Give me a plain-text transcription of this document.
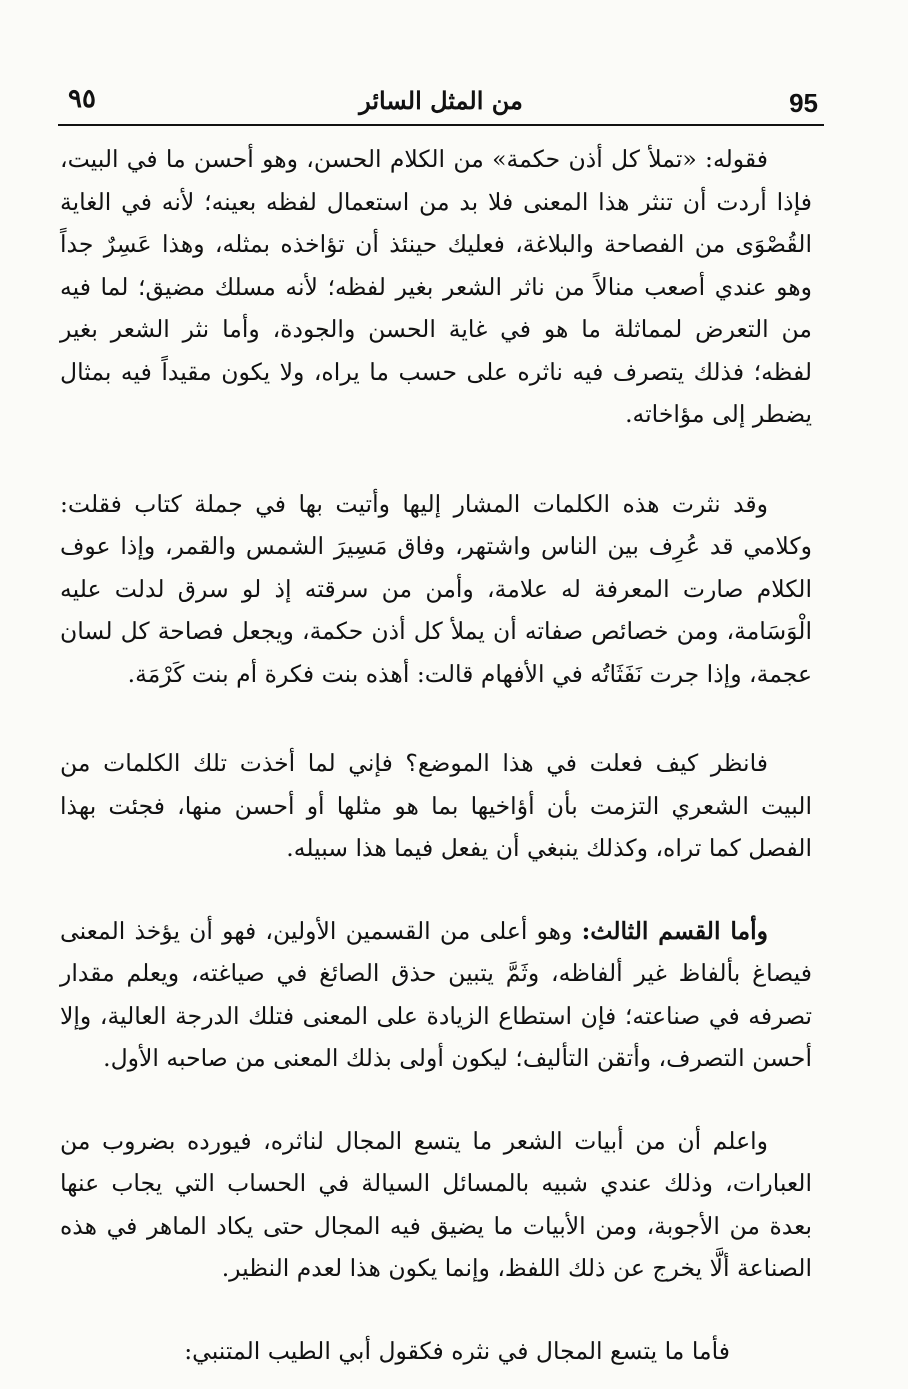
٩٥	من المثل السائر	95

فقوله: «تملأ كل أذن حكمة» من الكلام الحسن، وهو أحسن ما في البيت، فإذا أردت أن تنثر هذا المعنى فلا بد من استعمال لفظه بعينه؛ لأنه في الغاية القُصْوَى من الفصاحة والبلاغة، فعليك حينئذ أن تؤاخذه بمثله، وهذا عَسِرٌ جداً وهو عندي أصعب منالاً من ناثر الشعر بغير لفظه؛ لأنه مسلك مضيق؛ لما فيه من التعرض لمماثلة ما هو في غاية الحسن والجودة، وأما نثر الشعر بغير لفظه؛ فذلك يتصرف فيه ناثره على حسب ما يراه، ولا يكون مقيداً فيه بمثال يضطر إلى مؤاخاته.

وقد نثرت هذه الكلمات المشار إليها وأتيت بها في جملة كتاب فقلت: وكلامي قد عُرِف بين الناس واشتهر، وفاق مَسِيرَ الشمس والقمر، وإذا عوف الكلام صارت المعرفة له علامة، وأمن من سرقته إذ لو سرق لدلت عليه الْوَسَامة، ومن خصائص صفاته أن يملأ كل أذن حكمة، ويجعل فصاحة كل لسان عجمة، وإذا جرت نَفَثَاتُه في الأفهام قالت: أهذه بنت فكرة أم بنت كَرْمَة.

فانظر كيف فعلت في هذا الموضع؟ فإني لما أخذت تلك الكلمات من البيت الشعري التزمت بأن أؤاخيها بما هو مثلها أو أحسن منها، فجئت بهذا الفصل كما تراه، وكذلك ينبغي أن يفعل فيما هذا سبيله.

وأما القسم الثالث: وهو أعلى من القسمين الأولين، فهو أن يؤخذ المعنى فيصاغ بألفاظ غير ألفاظه، وثَمَّ يتبين حذق الصائغ في صياغته، ويعلم مقدار تصرفه في صناعته؛ فإن استطاع الزيادة على المعنى فتلك الدرجة العالية، وإلا أحسن التصرف، وأتقن التأليف؛ ليكون أولى بذلك المعنى من صاحبه الأول.

واعلم أن من أبيات الشعر ما يتسع المجال لناثره، فيورده بضروب من العبارات، وذلك عندي شبيه بالمسائل السيالة في الحساب التي يجاب عنها بعدة من الأجوبة، ومن الأبيات ما يضيق فيه المجال حتى يكاد الماهر في هذه الصناعة ألَّا يخرج عن ذلك اللفظ، وإنما يكون هذا لعدم النظير.

فأما ما يتسع المجال في نثره فكقول أبي الطيب المتنبي:
